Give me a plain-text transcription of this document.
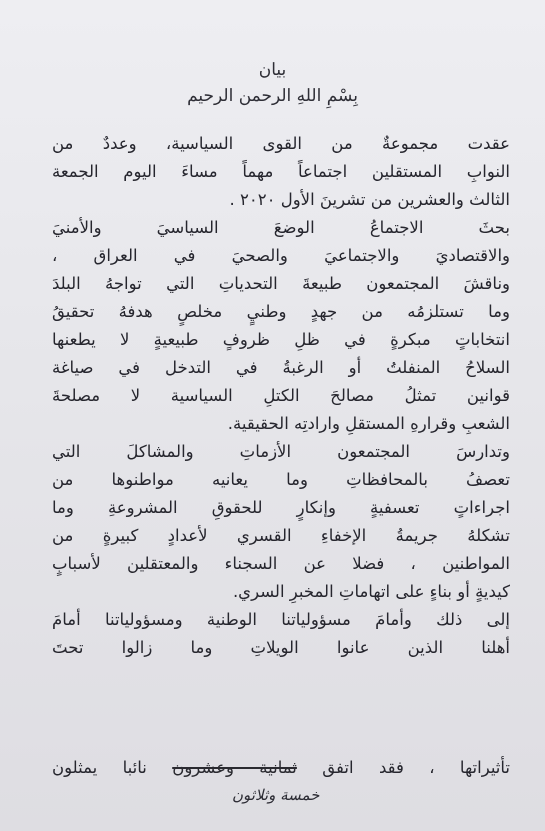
بيان
بِسْمِ اللهِ الرحمن الرحيم
عقدت مجموعةٌ من القوى السياسية، وعددٌ من
النوابِ المستقلين اجتماعاً مهماً مساءَ اليوم الجمعة
الثالث والعشرين من تشرينَ الأول ٢٠٢٠ .
بحثَ الاجتماعُ الوضعَ السياسيَ والأمنيَ
والاقتصاديَ والاجتماعيَ والصحيَ في العراق ،
وناقشَ المجتمعون طبيعةَ التحدياتِ التي تواجهُ البلدَ
وما تستلزمُه من جهدٍ وطنيٍ مخلصٍ هدفهُ تحقيقُ
انتخاباتٍ مبكرةٍ في ظلِ ظروفٍ طبيعيةٍ لا يطعنها
السلاحُ المنفلتُ أو الرغبةُ في التدخل في صياغة
قوانين تمثلُ مصالحَ الكتلِ السياسية لا مصلحةَ
الشعبِ وقرارهِ المستقلِ وارادتِه الحقيقية.
وتدارسَ المجتمعون الأزماتِ والمشاكلَ التي
تعصفُ بالمحافظاتِ وما يعانيه مواطنوها من
اجراءاتٍ تعسفيةٍ وإنكارٍ للحقوقِ المشروعةِ وما
تشكلهُ جريمةُ الإخفاءِ القسري لأعدادٍ كبيرةٍ من
المواطنين ، فضلا عن السجناء والمعتقلين لأسبابٍ
كيديةٍ أو بناءٍ على اتهاماتِ المخبرِ السري.
إلى ذلك وأمامَ مسؤولياتنا الوطنية ومسؤولياتنا أمامَ
أهلنا الذين عانوا الويلاتِ وما زالوا تحتَ
تأثيراتها ، فقد اتفق ثمانية وعشرون نائبا يمثلون
خمسة وثلاثون
